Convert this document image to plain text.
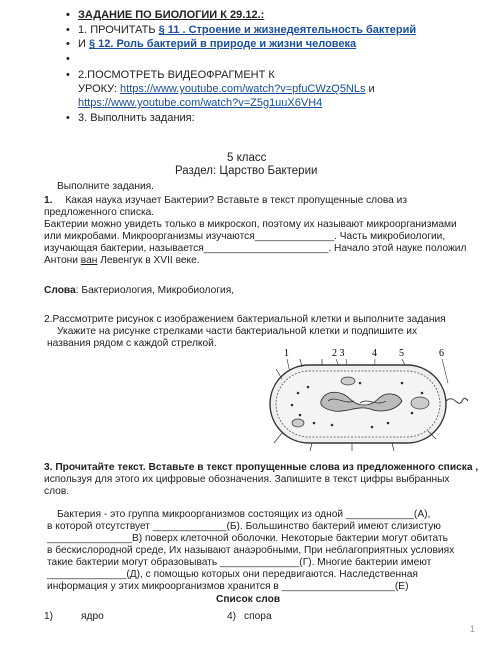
• ЗАДАНИЕ ПО БИОЛОГИИ К 29.12.:
• 1. ПРОЧИТАТЬ § 11 . Строение и жизнедеятельность бактерий
• И § 12. Роль бактерий в природе и жизни человека
•
• 2.ПОСМОТРЕТЬ ВИДЕОФРАГМЕНТ К
УРОКУ: https://www.youtube.com/watch?v=pfuCWzQ5NLs и
https://www.youtube.com/watch?v=Z5g1uuX6VH4
• 3. Выполнить задания:
5 класс
Раздел: Царство Бактерии
Выполните задания.
1. Какая наука изучает Бактерии? Вставьте в текст пропущенные слова из
предложенного списка.
Бактерии можно увидеть только в микроскоп, поэтому их называют микроорганизмами
или микробами. Микроорганизмы изучаются______________. Часть микробиологии,
изучающая бактерии, называется______________________. Начало этой науке положил
Антони ван Левенгук в XVII веке.
Слова: Бактериология, Микробиология,
2.Рассмотрите рисунок с изображением бактериальной клетки и выполните задания
Укажите на рисунке стрелками части бактериальной клетки и подпишите их
названия рядом с каждой стрелкой.
1	2 3	4 5	6
3. Прочитайте текст. Вставьте в текст пропущенные слова из предложенного списка ,
используя для этого их цифровые обозначения. Запишите в текст цифры выбранных
слов.
Бактерия - это группа микроорганизмов состоящих из одной ____________(А),
в которой отсутствует _____________(Б). Большинство бактерий имеют слизистую
_______________В) поверх клеточной оболочки. Некоторые бактерии могут обитать
в бескислородной среде, Их называют анаэробными, При неблагоприятных условиях
такие бактерии могут образовывать ______________(Г). Многие бактерии имеют
______________(Д), с помощью которых они передвигаются. Наследственная
информация у этих микроорганизмов хранится в ____________________(Е)
Список слов
1)	ядро	4) спора
1
